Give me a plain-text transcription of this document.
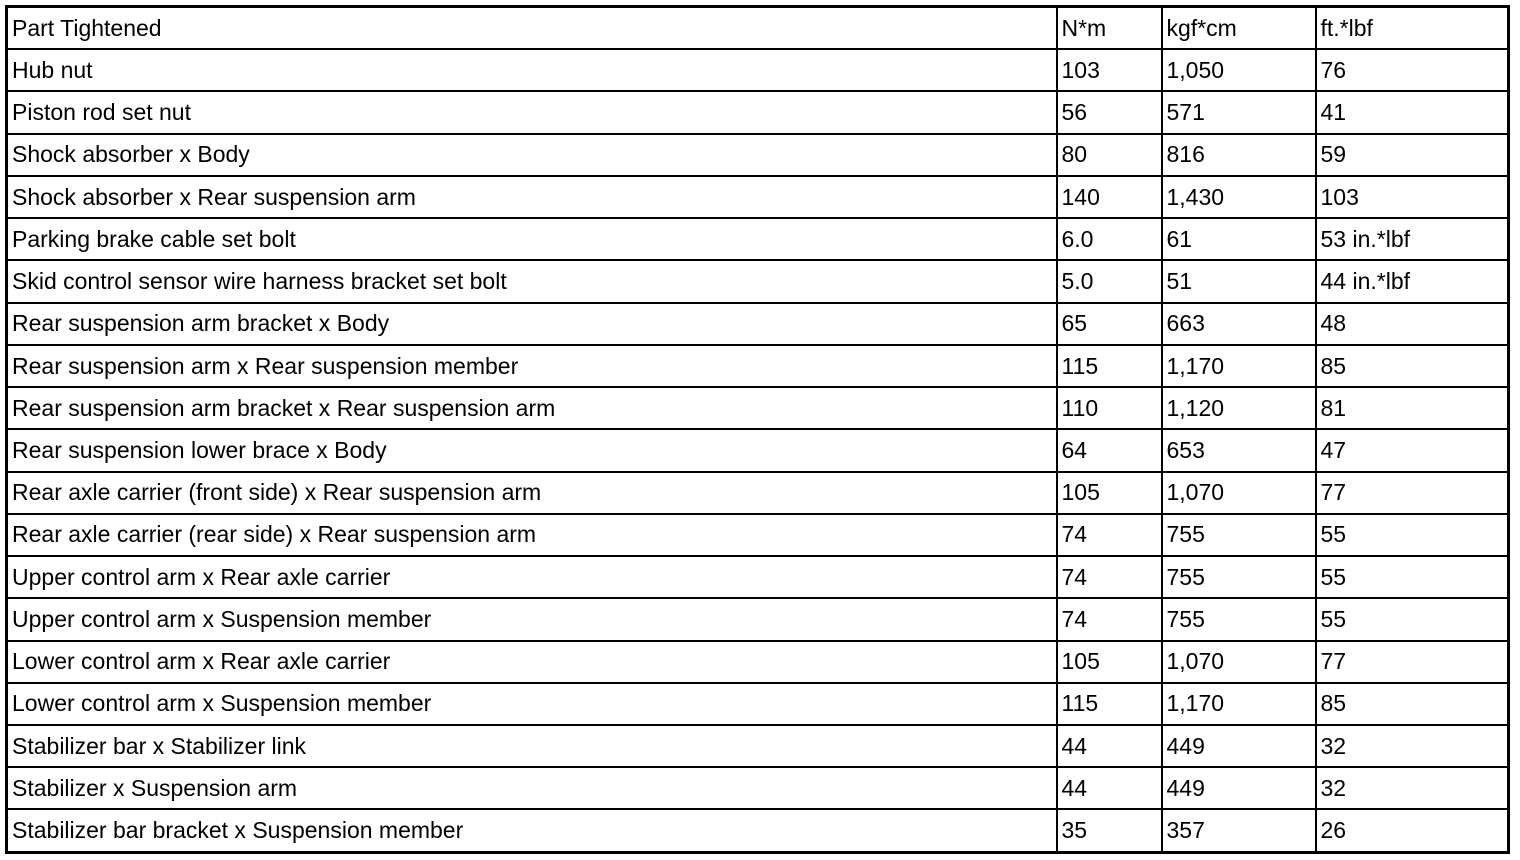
Part Tightened	N*m	kgf*cm	ft.*lbf
Hub nut	103	1,050	76
Piston rod set nut	56	571	41
Shock absorber x Body	80	816	59
Shock absorber x Rear suspension arm	140	1,430	103
Parking brake cable set bolt	6.0	61	53 in.*lbf
Skid control sensor wire harness bracket set bolt	5.0	51	44 in.*lbf
Rear suspension arm bracket x Body	65	663	48
Rear suspension arm x Rear suspension member	115	1,170	85
Rear suspension arm bracket x Rear suspension arm	110	1,120	81
Rear suspension lower brace x Body	64	653	47
Rear axle carrier (front side) x Rear suspension arm	105	1,070	77
Rear axle carrier (rear side) x Rear suspension arm	74	755	55
Upper control arm x Rear axle carrier	74	755	55
Upper control arm x Suspension member	74	755	55
Lower control arm x Rear axle carrier	105	1,070	77
Lower control arm x Suspension member	115	1,170	85
Stabilizer bar x Stabilizer link	44	449	32
Stabilizer x Suspension arm	44	449	32
Stabilizer bar bracket x Suspension member	35	357	26
